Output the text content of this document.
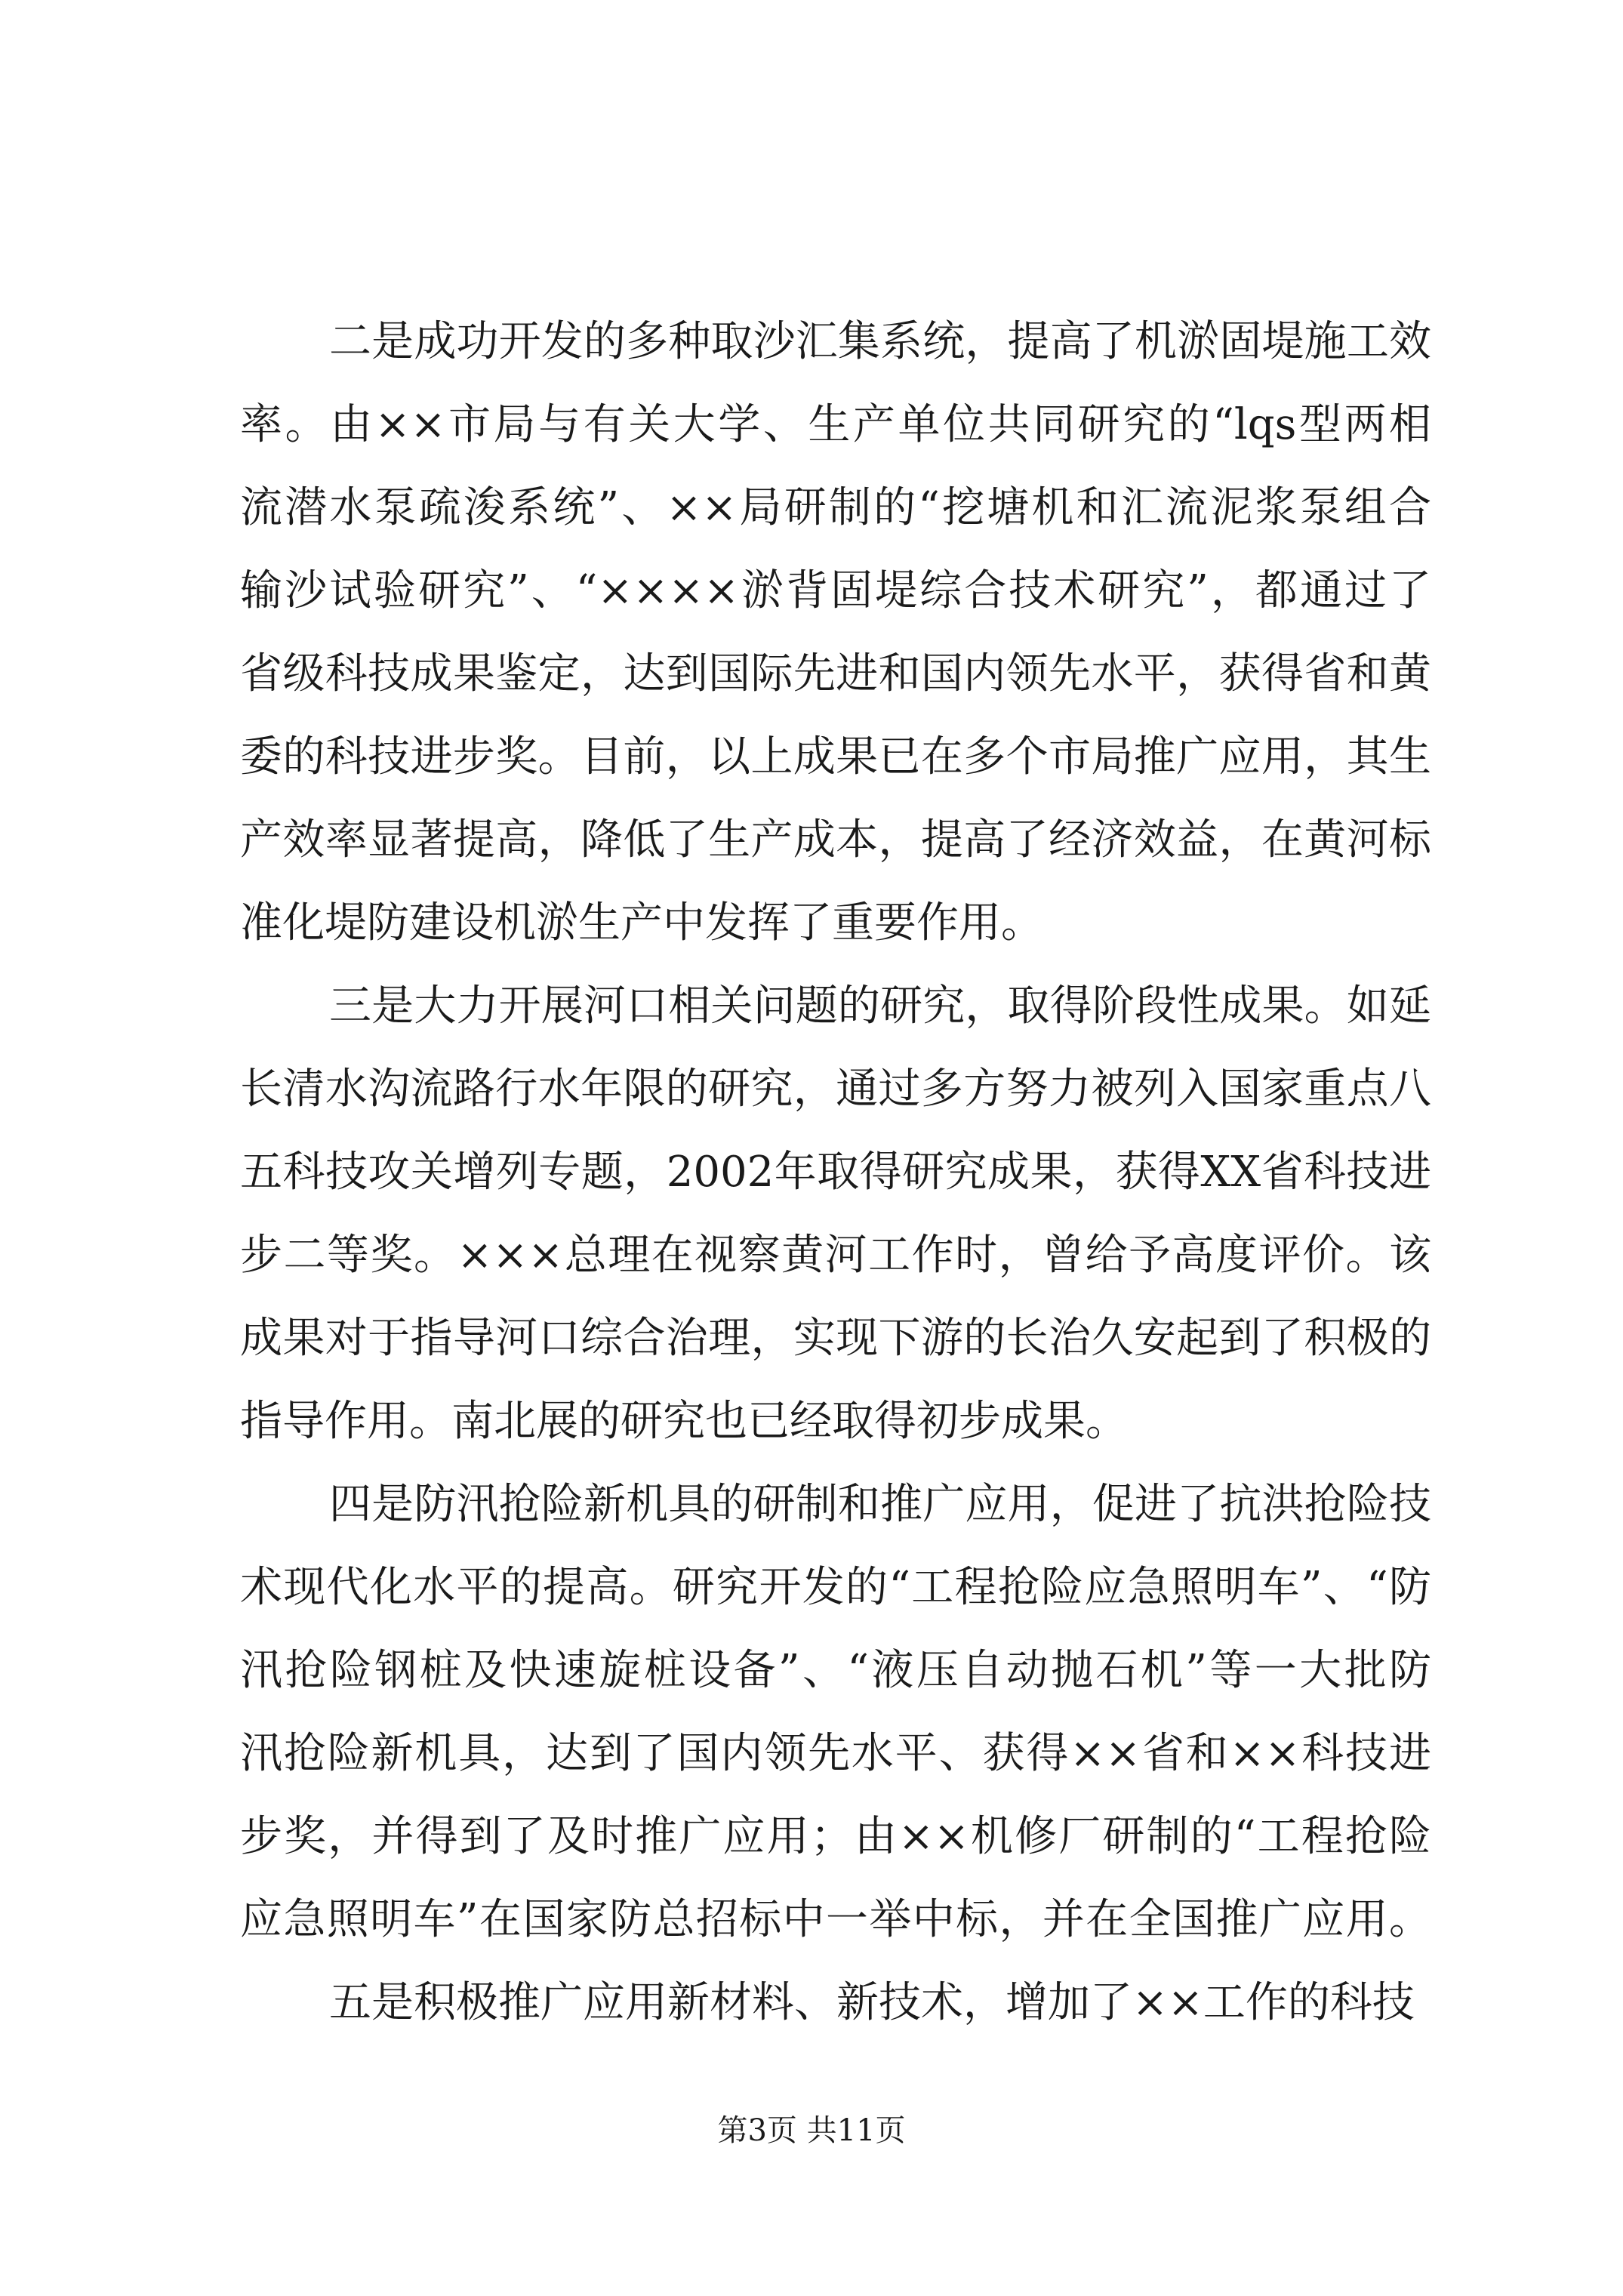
二是成功开发的多种取沙汇集系统，提高了机淤固堤施工效
率。由××市局与有关大学、生产单位共同研究的“lqs型两相
流潜水泵疏浚系统”、××局研制的“挖塘机和汇流泥浆泵组合
输沙试验研究”、“××××淤背固堤综合技术研究”，都通过了
省级科技成果鉴定，达到国际先进和国内领先水平，获得省和黄
委的科技进步奖。目前，以上成果已在多个市局推广应用，其生
产效率显著提高，降低了生产成本，提高了经济效益，在黄河标
准化堤防建设机淤生产中发挥了重要作用。
三是大力开展河口相关问题的研究，取得阶段性成果。如延
长清水沟流路行水年限的研究，通过多方努力被列入国家重点八
五科技攻关增列专题，2002年取得研究成果，获得XX省科技进
步二等奖。×××总理在视察黄河工作时，曾给予高度评价。该
成果对于指导河口综合治理，实现下游的长治久安起到了积极的
指导作用。南北展的研究也已经取得初步成果。
四是防汛抢险新机具的研制和推广应用，促进了抗洪抢险技
术现代化水平的提高。研究开发的“工程抢险应急照明车”、“防
汛抢险钢桩及快速旋桩设备”、“液压自动抛石机”等一大批防
汛抢险新机具，达到了国内领先水平、获得××省和××科技进
步奖，并得到了及时推广应用；由××机修厂研制的“工程抢险
应急照明车”在国家防总招标中一举中标，并在全国推广应用。
五是积极推广应用新材料、新技术，增加了××工作的科技
第3页 共11页
